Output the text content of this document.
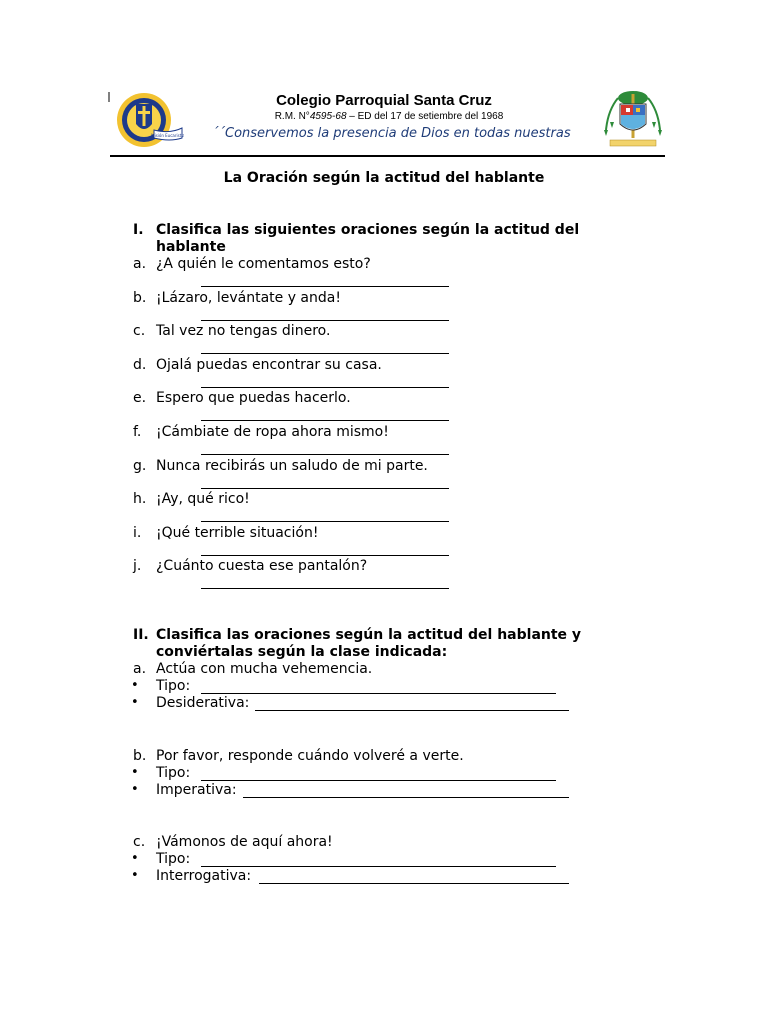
Misión Eucaristía
Colegio Parroquial Santa Cruz
R.M. N°4595-68 – ED del 17 de setiembre del 1968
´´Conservemos la presencia de Dios en todas nuestras
La Oración según la actitud del hablante
I. Clasifica las siguientes oraciones según la actitud del hablante
a. ¿A quién le comentamos esto?
b. ¡Lázaro, levántate y anda!
c. Tal vez no tengas dinero.
d. Ojalá puedas encontrar su casa.
e. Espero que puedas hacerlo.
f. ¡Cámbiate de ropa ahora mismo!
g. Nunca recibirás un saludo de mi parte.
h. ¡Ay, qué rico!
i. ¡Qué terrible situación!
j. ¿Cuánto cuesta ese pantalón?
II. Clasifica las oraciones según la actitud del hablante y conviértalas según la clase indicada:
a. Actúa con mucha vehemencia.
• Tipo:
• Desiderativa:
b. Por favor, responde cuándo volveré a verte.
• Tipo:
• Imperativa:
c. ¡Vámonos de aquí ahora!
• Tipo:
• Interrogativa:
